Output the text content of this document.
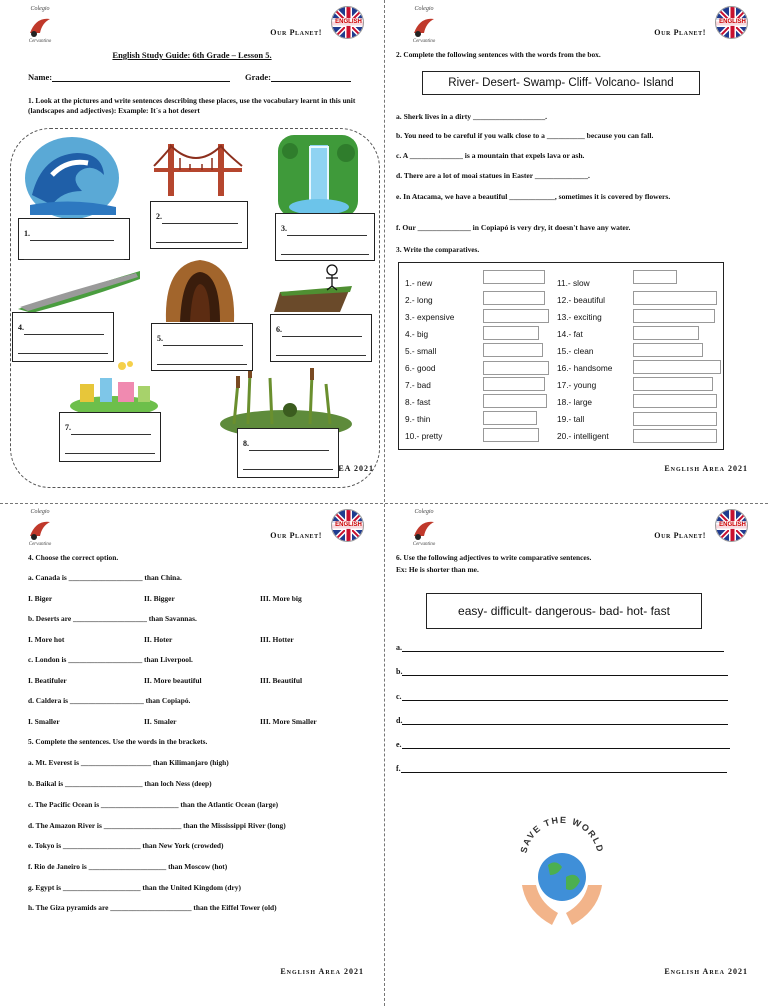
Colegio
Cervantino
Our Planet!
ENGLISH
English Study Guide: 6th Grade – Lesson 5.
Name:	Grade:
1. Look at the pictures and write sentences describing these places, use the vocabulary learnt in this unit (landscapes and adjectives): Example: It´s a hot desert
1.
2.
3.
4.
5.
6.
7.
8.
EA 2021
Colegio
Cervantino
Our Planet!
ENGLISH
2. Complete the following sentences with the words from the box.
River- Desert- Swamp- Cliff- Volcano- Island
a. Sherk lives in a dirty ___________________.
b. You need to be careful if you walk close to a __________ because you can fall.
c. A ______________ is a mountain that expels lava or ash.
d. There are a lot of moai statues in Easter ______________.
e. In Atacama, we have a beautiful ____________, sometimes it is covered by flowers.
f. Our ______________ in Copiapó is very dry, it doesn't have any water.
3. Write the comparatives.
1.- new
2.- long
3.- expensive
4.- big
5.- small
6.- good
7.- bad
8.- fast
9.- thin
10.- pretty
11.- slow
12.- beautiful
13.- exciting
14.- fat
15.- clean
16.- handsome
17.- young
18.- large
19.- tall
20.- intelligent
English Area 2021
Colegio
Cervantino
Our Planet!
ENGLISH
4. Choose the correct option.
a. Canada is ____________________ than China.
I. Biger	II. Bigger	III. More big
b. Deserts are ____________________ than Savannas.
I. More hot	II. Hoter	III. Hotter
c. London is ____________________ than Liverpool.
I. Beatifuler	II. More beautiful	III. Beautiful
d. Caldera is ____________________ than Copiapó.
I. Smaller	II. Smaler	III. More Smaller
5. Complete the sentences. Use the words in the brackets.
a. Mt. Everest is ___________________ than Kilimanjaro (high)
b. Baikal is _____________________ than loch Ness (deep)
c. The Pacific Ocean is _____________________ than the Atlantic Ocean (large)
d. The Amazon River is _____________________ than the Mississippi River (long)
e. Tokyo is _____________________ than New York (crowded)
f. Rio de Janeiro is _____________________ than Moscow (hot)
g. Egypt is _____________________ than the United Kingdom (dry)
h. The Giza pyramids are ______________________ than the Eiffel Tower (old)
English Area 2021
Colegio
Cervantino
Our Planet!
ENGLISH
6. Use the following adjectives to write comparative sentences.
Ex: He is shorter than me.
easy- difficult- dangerous- bad- hot- fast
a.
b.
c.
d.
e.
f.
SAVE THE WORLD
English Area 2021
